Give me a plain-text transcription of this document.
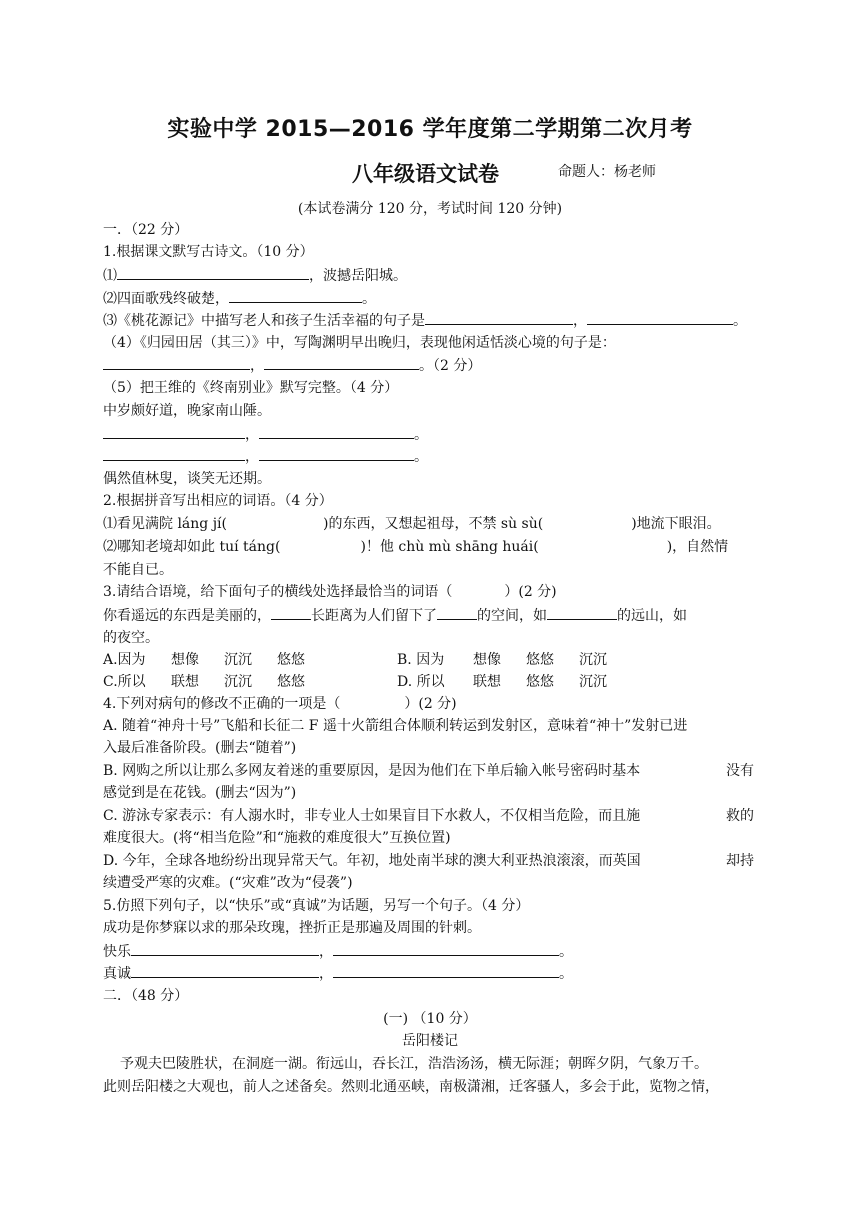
实验中学 2015—2016 学年度第二学期第二次月考
八年级语文试卷	命题人：杨老师
(本试卷满分 120 分，考试时间 120 分钟)
一．（22 分）
1.根据课文默写古诗文。（10 分）
⑴	，波撼岳阳城。
⑵四面歌残终破楚，	。
⑶《桃花源记》中描写老人和孩子生活幸福的句子是	，	。
（4）《归园田居（其三）》中，写陶渊明早出晚归，表现他闲适恬淡心境的句子是：
，	。（2 分）
（5）把王维的《终南别业》默写完整。（4 分）
中岁颇好道，晚家南山陲。
，	。
，	。
偶然值林叟，谈笑无还期。
2.根据拼音写出相应的词语。（4 分）
⑴看见满院 láng jí(	)的东西，又想起祖母，不禁 sù sù(	)地流下眼泪。
⑵哪知老境却如此 tuí táng(	)！他 chù mù shāng huái(	)，自然情
不能自已。
3.请结合语境，给下面句子的横线处选择最恰当的词语（	）(2 分)
你看遥远的东西是美丽的，	长距离为人们留下了	的空间，如	的远山，如
的夜空。
A.因为 想像 沉沉 悠悠	B. 因为 想像 悠悠 沉沉
C.所以 联想 沉沉 悠悠	D. 所以 联想 悠悠 沉沉
4.下列对病句的修改不正确的一项是（	）(2 分)
A. 随着“神舟十号”飞船和长征二 F 遥十火箭组合体顺利转运到发射区，意味着“神十”发射已进
入最后准备阶段。(删去“随着”)
B. 网购之所以让那么多网友着迷的重要原因，是因为他们在下单后输入帐号密码时基本	没有
感觉到是在花钱。(删去“因为”)
C. 游泳专家表示：有人溺水时，非专业人士如果盲目下水救人，不仅相当危险，而且施	救的
难度很大。(将“相当危险”和“施救的难度很大”互换位置)
D. 今年，全球各地纷纷出现异常天气。年初，地处南半球的澳大利亚热浪滚滚，而英国	却持
续遭受严寒的灾难。(“灾难”改为“侵袭”)
5.仿照下列句子，以“快乐”或“真诚”为话题，另写一个句子。（4 分）
成功是你梦寐以求的那朵玫瑰，挫折正是那遍及周围的针刺。
快乐	，	。
真诚	，	。
二．（48 分）
(一) （10 分）
岳阳楼记
予观夫巴陵胜状，在洞庭一湖。衔远山，吞长江，浩浩汤汤，横无际涯；朝晖夕阴，气象万千。
此则岳阳楼之大观也，前人之述备矣。然则北通巫峡，南极潇湘，迁客骚人，多会于此，览物之情，
